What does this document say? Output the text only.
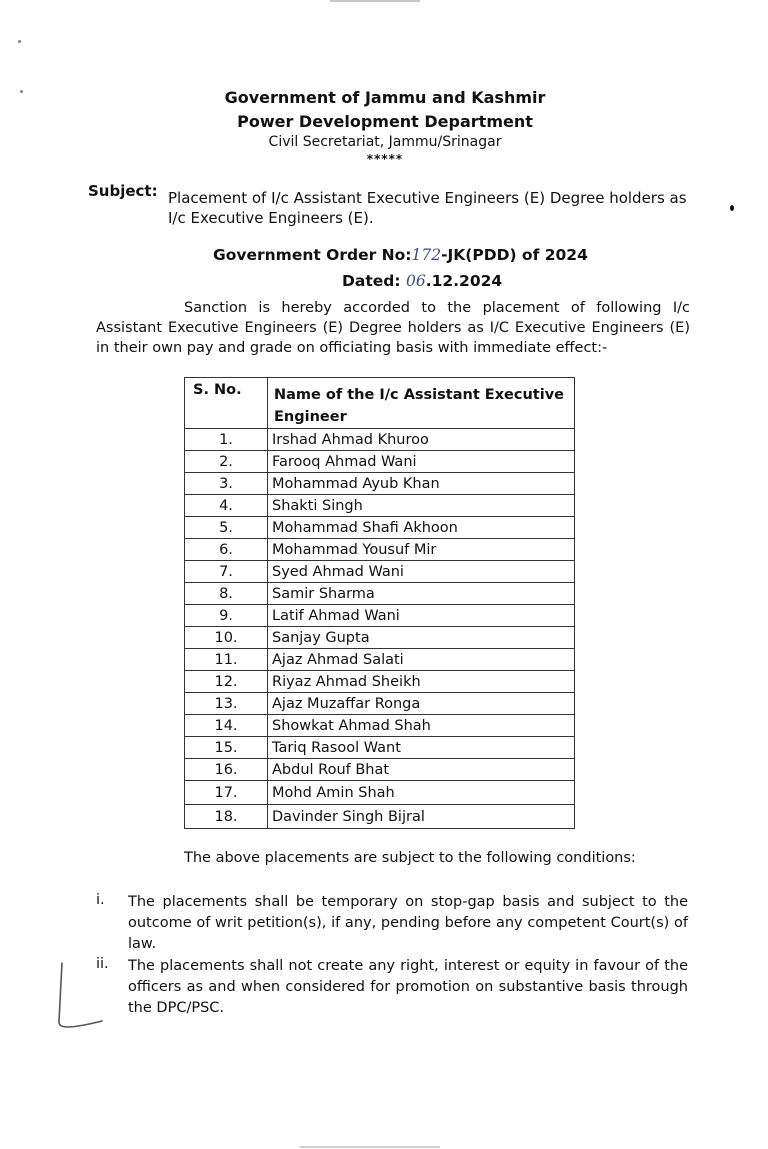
Government of Jammu and Kashmir
Power Development Department
Civil Secretariat, Jammu/Srinagar
*****
Subject: Placement of I/c Assistant Executive Engineers (E) Degree holders as I/c Executive Engineers (E).
Government Order No:172-JK(PDD) of 2024
Dated: 06.12.2024
Sanction is hereby accorded to the placement of following I/c Assistant Executive Engineers (E) Degree holders as I/C Executive Engineers (E) in their own pay and grade on officiating basis with immediate effect:-
S. No.	Name of the I/c Assistant Executive Engineer
1.	Irshad Ahmad Khuroo
2.	Farooq Ahmad Wani
3.	Mohammad Ayub Khan
4.	Shakti Singh
5.	Mohammad Shafi Akhoon
6.	Mohammad Yousuf Mir
7.	Syed Ahmad Wani
8.	Samir Sharma
9.	Latif Ahmad Wani
10.	Sanjay Gupta
11.	Ajaz Ahmad Salati
12.	Riyaz Ahmad Sheikh
13.	Ajaz Muzaffar Ronga
14.	Showkat Ahmad Shah
15.	Tariq Rasool Want
16.	Abdul Rouf Bhat
17.	Mohd Amin Shah
18.	Davinder Singh Bijral
The above placements are subject to the following conditions:
i. The placements shall be temporary on stop-gap basis and subject to the outcome of writ petition(s), if any, pending before any competent Court(s) of law.
ii. The placements shall not create any right, interest or equity in favour of the officers as and when considered for promotion on substantive basis through the DPC/PSC.
